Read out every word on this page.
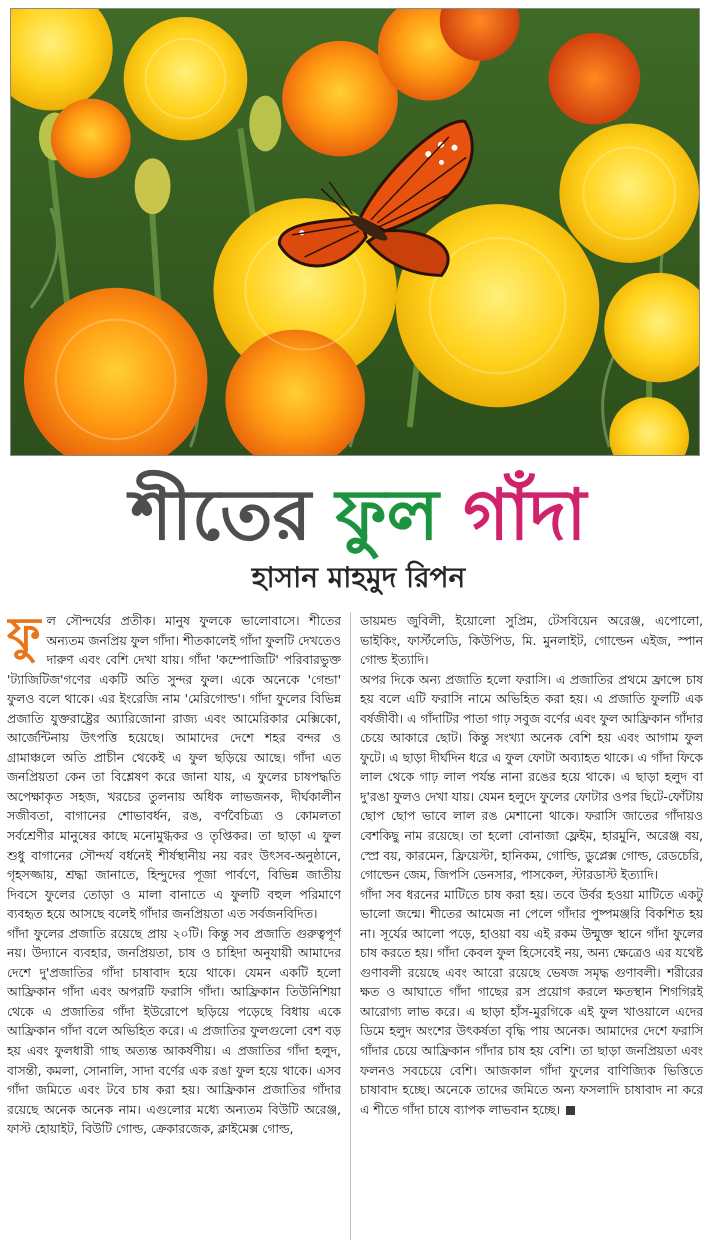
শীতের ফুল গাঁদা
হাসান মাহমুদ রিপন
ফু ল সৌন্দর্যের প্রতীক। মানুষ ফুলকে ভালোবাসে। শীতের অন্যতম জনপ্রিয় ফুল গাঁদা। শীতকালেই গাঁদা ফুলটি দেখতেও দারুণ এবং বেশি দেখা যায়। গাঁদা 'কম্পোজিটি' পরিবারভুক্ত 'ট্যাজিটিজ'গণের একটি অতি সুন্দর ফুল। একে অনেকে 'গেন্ডা' ফুলও বলে থাকে। এর ইংরেজি নাম 'মেরিগোল্ড'। গাঁদা ফুলের বিভিন্ন প্রজাতি যুক্তরাষ্ট্রের অ্যারিজোনা রাজ্য এবং আমেরিকার মেক্সিকো, আর্জেন্টিনায় উৎপত্তি হয়েছে। আমাদের দেশে শহর বন্দর ও গ্রামাঞ্চলে অতি প্রাচীন থেকেই এ ফুল ছড়িয়ে আছে। গাঁদা এত জনপ্রিয়তা কেন তা বিশ্লেষণ করে জানা যায়, এ ফুলের চাষপদ্ধতি অপেক্ষাকৃত সহজ, খরচের তুলনায় অধিক লাভজনক, দীর্ঘকালীন সজীবতা, বাগানের শোভাবর্ধন, রঙ, বর্ণবৈচিত্র্য ও কোমলতা সর্বশ্রেণীর মানুষের কাছে মনোমুগ্ধকর ও তৃপ্তিকর। তা ছাড়া এ ফুল শুধু বাগানের সৌন্দর্য বর্ধনেই শীর্ষস্থানীয় নয় বরং উৎসব-অনুষ্ঠানে, গৃহসজ্জায়, শ্রদ্ধা জানাতে, হিন্দুদের পূজা পার্বণে, বিভিন্ন জাতীয় দিবসে ফুলের তোড়া ও মালা বানাতে এ ফুলটি বহুল পরিমাণে ব্যবহৃত হয়ে আসছে বলেই গাঁদার জনপ্রিয়তা এত সর্বজনবিদিত।

গাঁদা ফুলের প্রজাতি রয়েছে প্রায় ২০টি। কিন্তু সব প্রজাতি গুরুত্বপূর্ণ নয়। উদ্যানে ব্যবহার, জনপ্রিয়তা, চাষ ও চাহিদা অনুযায়ী আমাদের দেশে দু'প্রজাতির গাঁদা চাষাবাদ হয়ে থাকে। যেমন একটি হলো আফ্রিকান গাঁদা এবং অপরটি ফরাসি গাঁদা। আফ্রিকান তিউনিশিয়া থেকে এ প্রজাতির গাঁদা ইউরোপে ছড়িয়ে পড়েছে বিধায় একে আফ্রিকান গাঁদা বলে অভিহিত করে। এ প্রজাতির ফুলগুলো বেশ বড় হয় এবং ফুলধারী গাছ অত্যন্ত আকর্ষণীয়। এ প্রজাতির গাঁদা হলুদ, বাসন্তী, কমলা, সোনালি, সাদা বর্ণের এক রঙা ফুল হয়ে থাকে। এসব গাঁদা জমিতে এবং টবে চাষ করা হয়। আফ্রিকান প্রজাতির গাঁদার রয়েছে অনেক অনেক নাম। এগুলোর মধ্যে অন্যতম বিউটি অরেঞ্জ, ফাস্ট হোয়াইট, বিউটি গোল্ড, ক্রেকারজেক, ক্লাইমেক্স গোল্ড,

ডায়মন্ড জুবিলী, ইয়োলো সুপ্রিম, টেসবিয়েন অরেঞ্জ, এপোলো, ভাইকিং, ফার্স্টলেডি, কিউপিড, মি. মুনলাইট, গোল্ডেন এইজ, স্পান গোল্ড ইত্যাদি।

অপর দিকে অন্য প্রজাতি হলো ফরাসি। এ প্রজাতির প্রথমে ফ্রান্সে চাষ হয় বলে এটি ফরাসি নামে অভিহিত করা হয়। এ প্রজাতি ফুলটি এক বর্ষজীবী। এ গাঁদাটির পাতা গাঢ় সবুজ বর্ণের এবং ফুল আফ্রিকান গাঁদার চেয়ে আকারে ছোট। কিন্তু সংখ্যা অনেক বেশি হয় এবং আগাম ফুল ফুটে। এ ছাড়া দীর্ঘদিন ধরে এ ফুল ফোটা অব্যাহত থাকে। এ গাঁদা ফিকে লাল থেকে গাঢ় লাল পর্যন্ত নানা রঙের হয়ে থাকে। এ ছাড়া হলুদ বা দু'রঙা ফুলও দেখা যায়। যেমন হলুদে ফুলের ফোটার ওপর ছিটে-ফোঁটায় ছোপ ছোপ ভাবে লাল রঙ মেশানো থাকে। ফরাসি জাতের গাঁদায়ও বেশকিছু নাম রয়েছে। তা হলো বোনাজা ফ্লেইম, হারমুনি, অরেঞ্জ বয়, স্প্রে বয়, কারমেন, ফ্রিয়েস্টা, হানিকম, গোল্ডি, ডুপ্লেক্স গোল্ড, রেডচেরি, গোল্ডেন জেম, জিপসি ডেনসার, পাসকেল, স্টারডাস্ট ইত্যাদি।

গাঁদা সব ধরনের মাটিতে চাষ করা হয়। তবে উর্বর হওয়া মাটিতে একটু ভালো জন্মে। শীতের আমেজ না পেলে গাঁদার পুষ্পমঞ্জরি বিকশিত হয় না। সূর্যের আলো পড়ে, হাওয়া বয় এই রকম উন্মুক্ত স্থানে গাঁদা ফুলের চাষ করতে হয়। গাঁদা কেবল ফুল হিসেবেই নয়, অন্য ক্ষেত্রেও এর যথেষ্ট গুণাবলী রয়েছে এবং আরো রয়েছে ভেষজ সমৃদ্ধ গুণাবলী। শরীরের ক্ষত ও আঘাতে গাঁদা গাছের রস প্রয়োগ করলে ক্ষতস্থান শিগগিরই আরোগ্য লাভ করে। এ ছাড়া হাঁস-মুরগিকে এই ফুল খাওয়ালে এদের ডিমে হলুদ অংশের উৎকর্ষতা বৃদ্ধি পায় অনেক। আমাদের দেশে ফরাসি গাঁদার চেয়ে আফ্রিকান গাঁদার চাষ হয় বেশি। তা ছাড়া জনপ্রিয়তা এবং ফলনও সবচেয়ে বেশি। আজকাল গাঁদা ফুলের বাণিজ্যিক ভিত্তিতে চাষাবাদ হচ্ছে। অনেকে তাদের জমিতে অন্য ফসলাদি চাষাবাদ না করে এ শীতে গাঁদা চাষে ব্যাপক লাভবান হচ্ছে।
